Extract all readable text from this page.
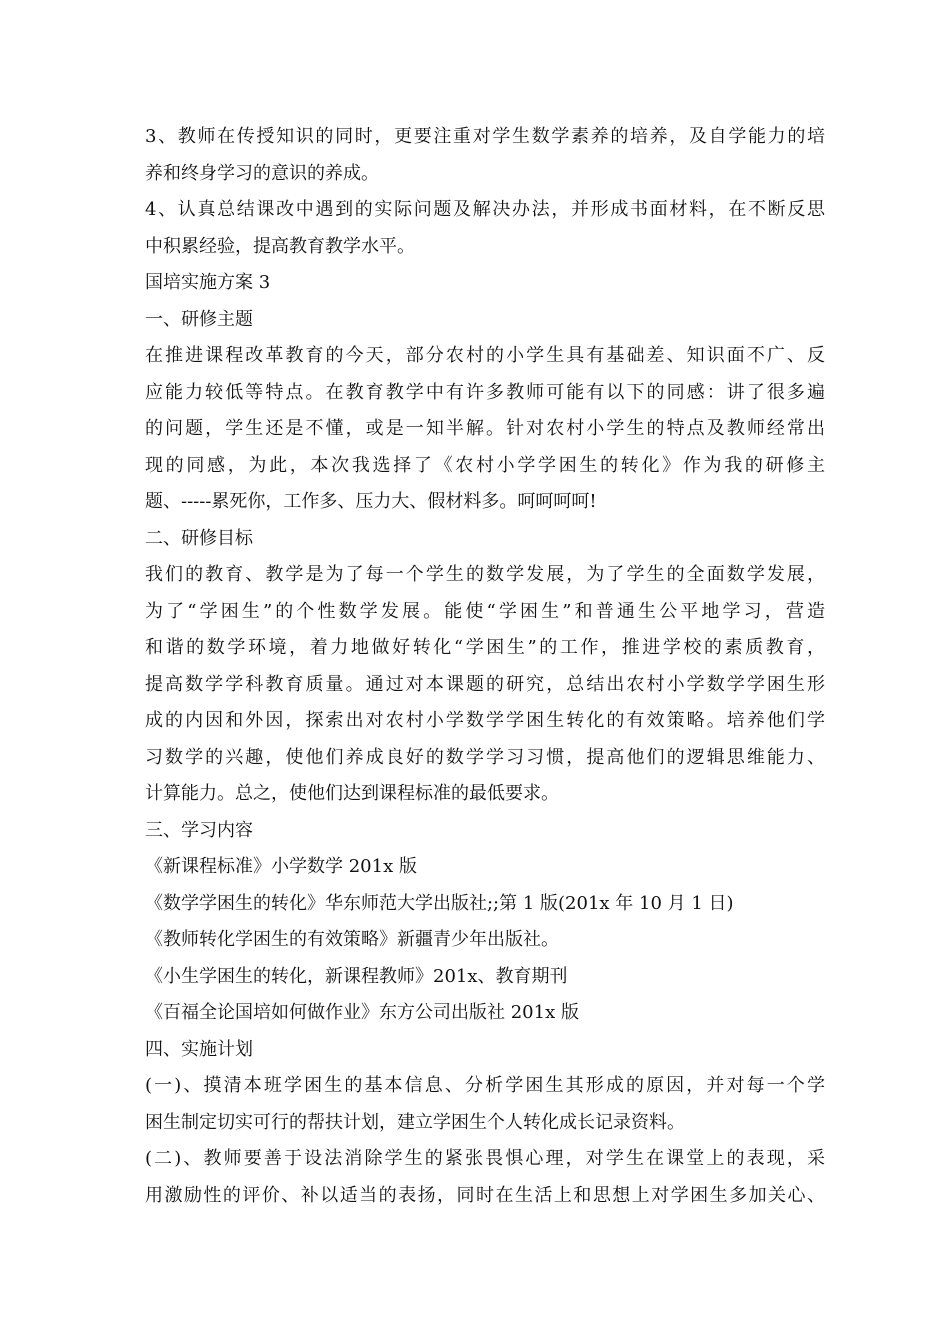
3、教师在传授知识的同时，更要注重对学生数学素养的培养，及自学能力的培
养和终身学习的意识的养成。
4、认真总结课改中遇到的实际问题及解决办法，并形成书面材料，在不断反思
中积累经验，提高教育教学水平。
国培实施方案 3
一、研修主题
在推进课程改革教育的今天，部分农村的小学生具有基础差、知识面不广、反
应能力较低等特点。在教育教学中有许多教师可能有以下的同感：讲了很多遍
的问题，学生还是不懂，或是一知半解。针对农村小学生的特点及教师经常出
现的同感，为此，本次我选择了《农村小学学困生的转化》作为我的研修主
题、-----累死你，工作多、压力大、假材料多。呵呵呵呵!
二、研修目标
我们的教育、教学是为了每一个学生的数学发展，为了学生的全面数学发展，
为了“学困生”的个性数学发展。能使“学困生”和普通生公平地学习，营造
和谐的数学环境，着力地做好转化“学困生”的工作，推进学校的素质教育，
提高数学学科教育质量。通过对本课题的研究，总结出农村小学数学学困生形
成的内因和外因，探索出对农村小学数学学困生转化的有效策略。培养他们学
习数学的兴趣，使他们养成良好的数学学习习惯，提高他们的逻辑思维能力、
计算能力。总之，使他们达到课程标准的最低要求。
三、学习内容
《新课程标准》小学数学 201x 版
《数学学困生的转化》华东师范大学出版社;;第 1 版(201x 年 10 月 1 日)
《教师转化学困生的有效策略》新疆青少年出版社。
《小生学困生的转化，新课程教师》201x、教育期刊
《百福全论国培如何做作业》东方公司出版社 201x 版
四、实施计划
(一)、摸清本班学困生的基本信息、分析学困生其形成的原因，并对每一个学
困生制定切实可行的帮扶计划，建立学困生个人转化成长记录资料。
(二)、教师要善于设法消除学生的紧张畏惧心理，对学生在课堂上的表现，采
用激励性的评价、补以适当的表扬，同时在生活上和思想上对学困生多加关心、
